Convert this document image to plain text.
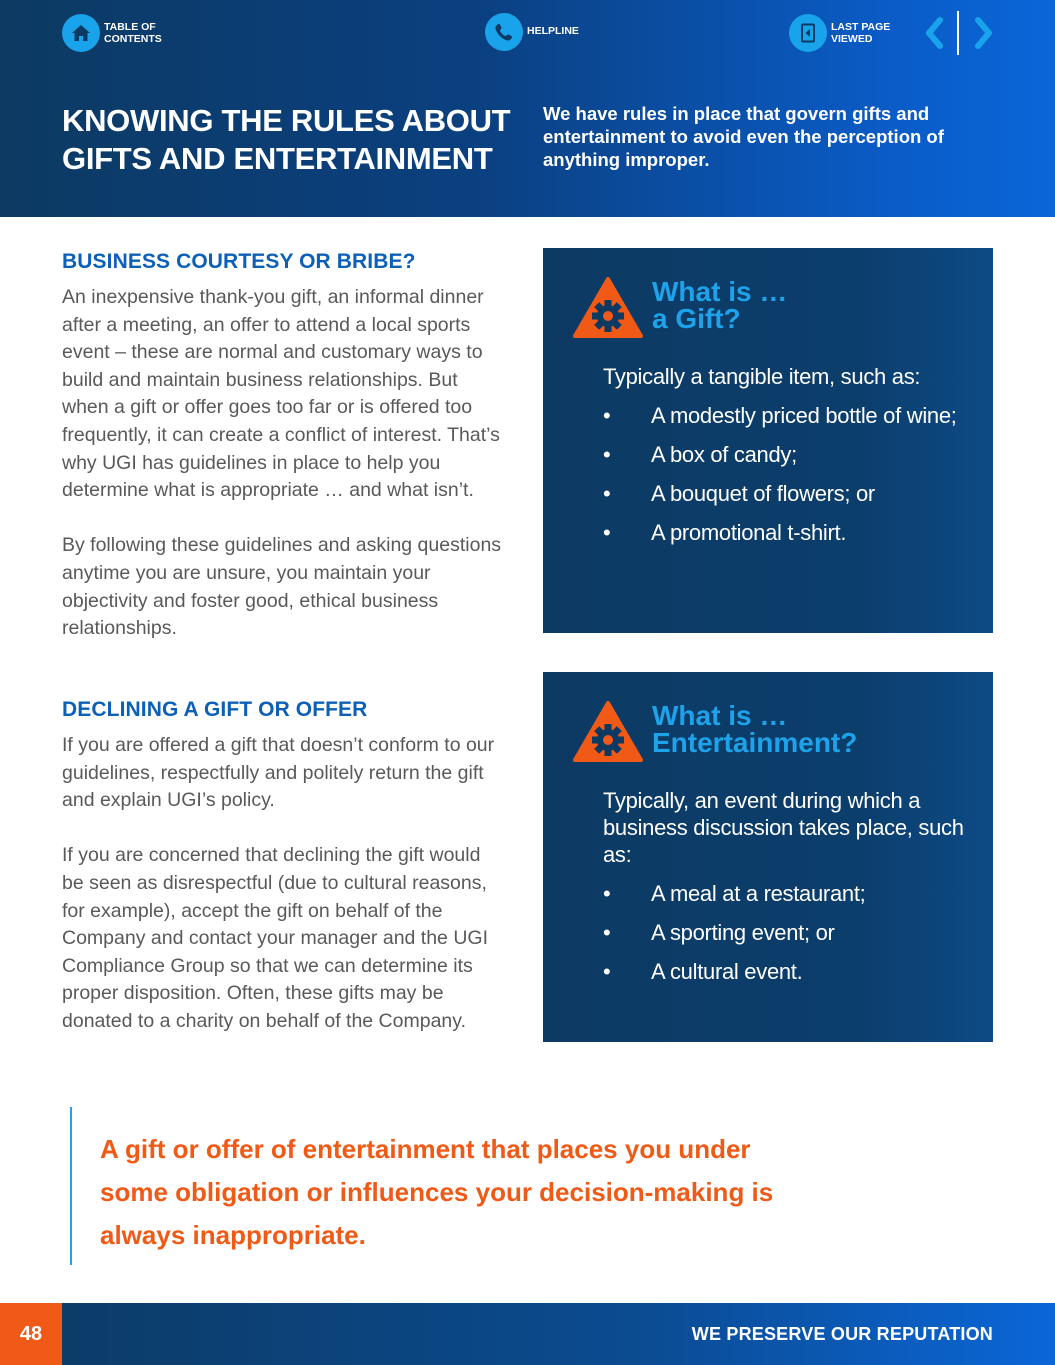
TABLE OF CONTENTS
HELPLINE	LAST PAGE VIEWED
KNOWING THE RULES ABOUT GIFTS AND ENTERTAINMENT

We have rules in place that govern gifts and entertainment to avoid even the perception of anything improper.

BUSINESS COURTESY OR BRIBE?

An inexpensive thank-you gift, an informal dinner after a meeting, an offer to attend a local sports event – these are normal and customary ways to build and maintain business relationships. But when a gift or offer goes too far or is offered too frequently, it can create a conflict of interest. That’s why UGI has guidelines in place to help you determine what is appropriate … and what isn’t.

By following these guidelines and asking questions anytime you are unsure, you maintain your objectivity and foster good, ethical business relationships.

DECLINING A GIFT OR OFFER

If you are offered a gift that doesn’t conform to our guidelines, respectfully and politely return the gift and explain UGI’s policy.

If you are concerned that declining the gift would be seen as disrespectful (due to cultural reasons, for example), accept the gift on behalf of the Company and contact your manager and the UGI Compliance Group so that we can determine its proper disposition. Often, these gifts may be donated to a charity on behalf of the Company.

What is …
a Gift?

Typically a tangible item, such as:

• A modestly priced bottle of wine;
• A box of candy;
• A bouquet of flowers; or
• A promotional t-shirt.
What is …
Entertainment?

Typically, an event during which a business discussion takes place, such as:

• A meal at a restaurant;
• A sporting event; or
• A cultural event.

A gift or offer of entertainment that places you under some obligation or influences your decision-making is always inappropriate.

48	WE PRESERVE OUR REPUTATION
